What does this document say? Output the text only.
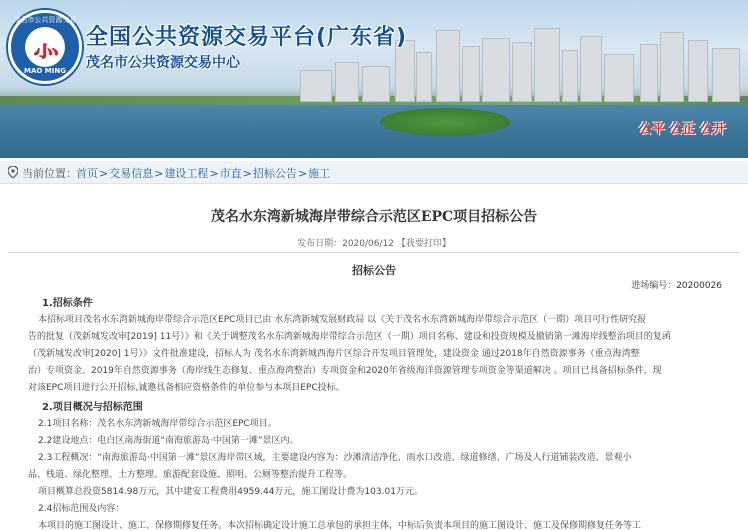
茂名市公共资源交易
⺗
MAO MING
全国公共资源交易平台(广东省)
茂名市公共资源交易中心
公平 公正 公开
当前位置： 首页>交易信息>建设工程>市直>招标公告>施工
茂名水东湾新城海岸带综合示范区EPC项目招标公告
发布日期：2020/06/12 【我要打印】
招标公告
进场编号：20200026
1.招标条件
本招标项目茂名水东湾新城海岸带综合示范区EPC项目已由 水东湾新城发展财政局 以《关于茂名水东湾新城海岸带综合示范区（一期）项目可行性研究报
告的批复（茂新城发改审[2019] 11号）》和《关于调整茂名水东湾新城海岸带综合示范区（一期）项目名称、建设和投资规模及撤销第一滩海岸线整治项目的复函
（茂新城发改审[2020] 1号）》文件批准建设，招标人为 茂名水东湾新城西海片区综合开发项目管理处，建设资金 通过2018年自然资源事务（重点海湾整
治）专项资金、2019年自然资源事务（海岸线生态修复、重点海湾整治）专项资金和2020年省级海洋资源管理专项资金等渠道解决 。项目已具备招标条件，现
对该EPC项目进行公开招标,诚邀具备相应资格条件的单位参与本项目EPC投标。
2.项目概况与招标范围
2.1项目名称：茂名水东湾新城海岸带综合示范区EPC项目。
2.2建设地点：电白区南海街道“南海旅游岛·中国第一滩”景区内。
2.3工程概况：“南海旅游岛·中国第一滩”景区海岸带区域，主要建设内容为：沙滩清洁净化、雨水口改造、绿道修缮、广场及人行道铺装改造、景观小
品、栈道、绿化整理、土方整理、旅游配套设施、照明、公厕等整治提升工程等。
项目概算总投资5814.98万元，其中建安工程费用4959.44万元，施工图设计费为103.01万元。
2.4招标范围及内容：
本项目的施工图设计、施工、保修期修复任务。本次招标确定设计施工总承包的承担主体，中标后负责本项目的施工图设计、施工及保修期修复任务等工
